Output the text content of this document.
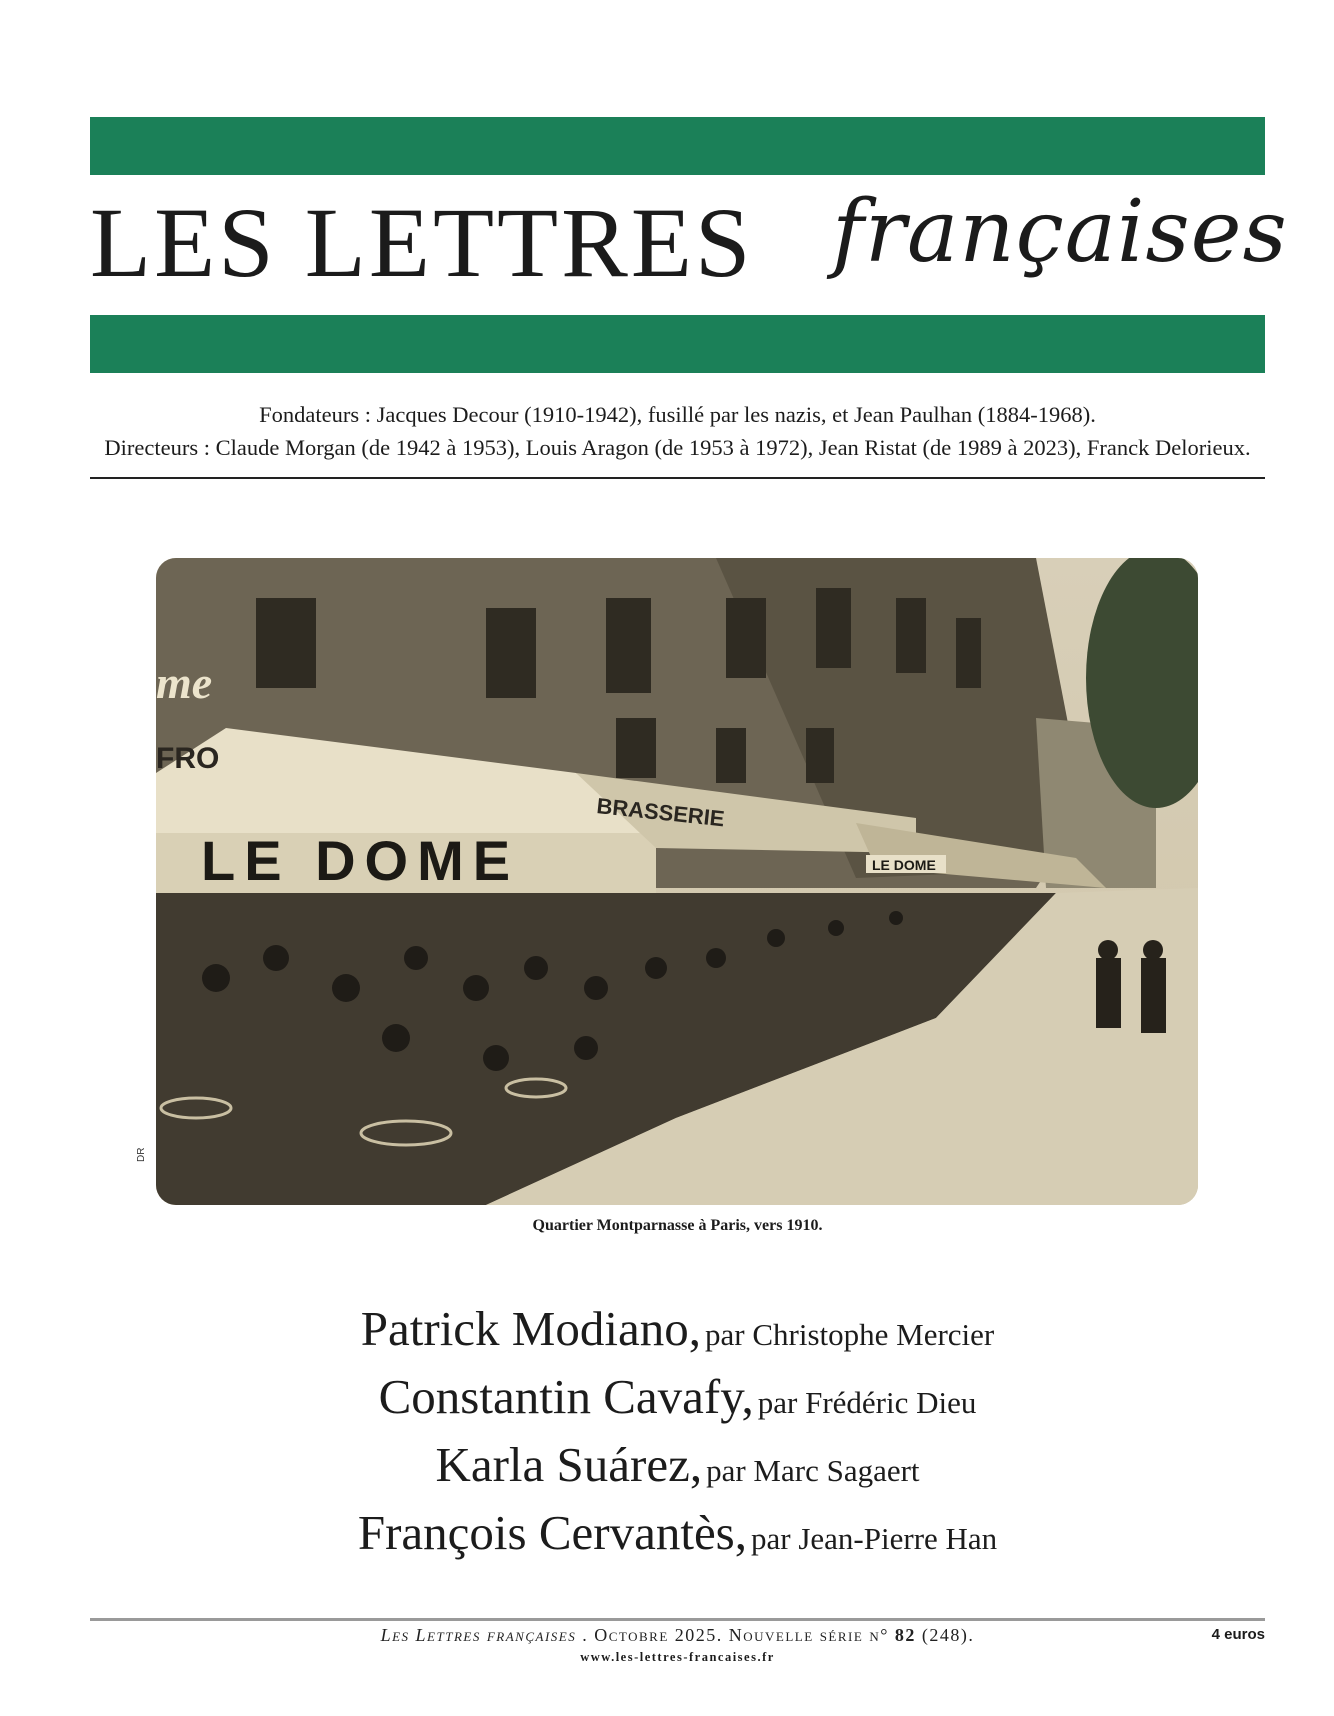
LES LETTRES françaises

Fondateurs : Jacques Decour (1910-1942), fusillé par les nazis, et Jean Paulhan (1884-1968).

Directeurs : Claude Morgan (de 1942 à 1953), Louis Aragon (de 1953 à 1972), Jean Ristat (de 1989 à 2023), Franck Delorieux.

LE DOME
me
FRO
BRASSERIE
LE DOME
DR
Quartier Montparnasse à Paris, vers 1910.
Patrick Modiano, par Christophe Mercier
Constantin Cavafy, par Frédéric Dieu
Karla Suárez, par Marc Sagaert
François Cervantès, par Jean-Pierre Han
Les Lettres françaises . Octobre 2025. Nouvelle série n° 82 (248).	4 euros
www.les-lettres-francaises.fr
